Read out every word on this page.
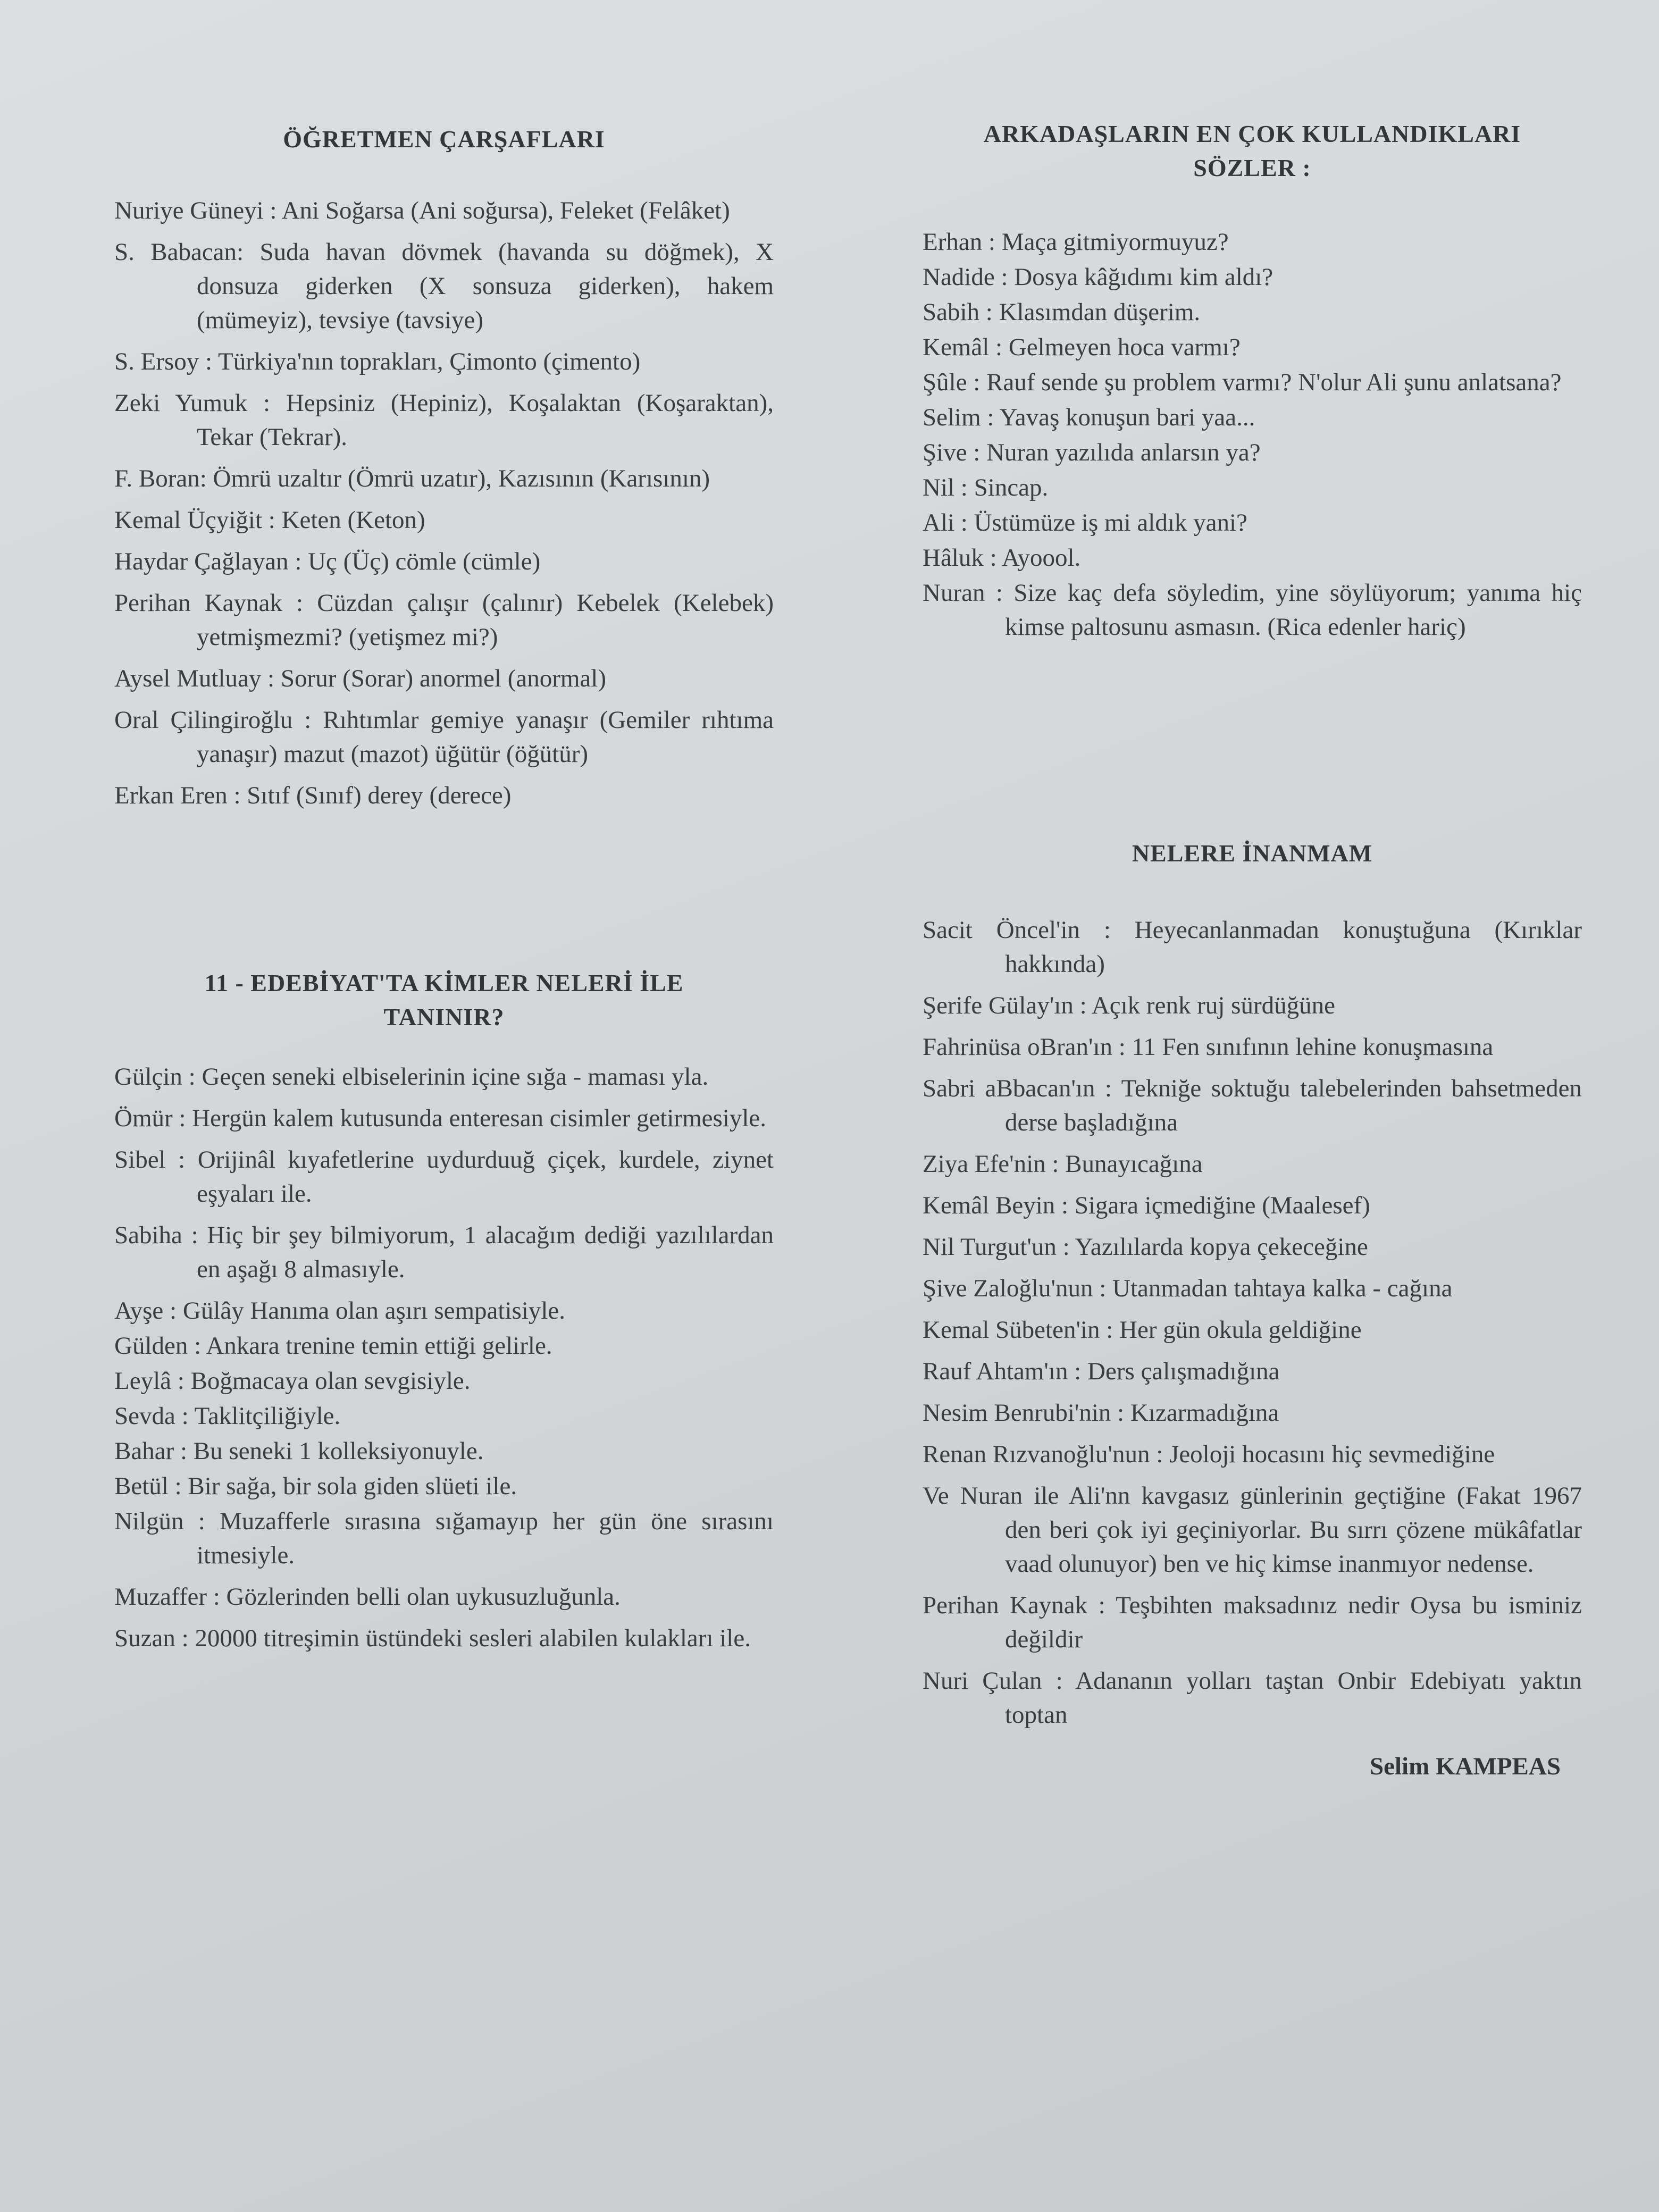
ÖĞRETMEN ÇARŞAFLARI

Nuriye Güneyi : Ani Soğarsa (Ani soğursa), Feleket (Felâket)

S. Babacan: Suda havan dövmek (havanda su döğmek), X donsuza giderken (X sonsuza giderken), hakem (mümeyiz), tevsiye (tavsiye)

S. Ersoy : Türkiya'nın toprakları, Çimonto (çimento)

Zeki Yumuk : Hepsiniz (Hepiniz), Koşalaktan (Koşaraktan), Tekar (Tekrar).

F. Boran: Ömrü uzaltır (Ömrü uzatır), Kazısının (Karısının)

Kemal Üçyiğit : Keten (Keton)

Haydar Çağlayan : Uç (Üç) cömle (cümle)

Perihan Kaynak : Cüzdan çalışır (çalınır) Kebelek (Kelebek) yetmişmezmi? (yetişmez mi?)

Aysel Mutluay : Sorur (Sorar) anormel (anormal)

Oral Çilingiroğlu : Rıhtımlar gemiye yanaşır (Gemiler rıhtıma yanaşır) mazut (mazot) üğütür (öğütür)

Erkan Eren : Sıtıf (Sınıf) derey (derece)

11 - EDEBİYAT'TA KİMLER NELERİ İLE
TANINIR?

Gülçin : Geçen seneki elbiselerinin içine sığa - maması yla.

Ömür : Hergün kalem kutusunda enteresan cisimler getirmesiyle.

Sibel : Orijinâl kıyafetlerine uydurduuğ çiçek, kurdele, ziynet eşyaları ile.

Sabiha : Hiç bir şey bilmiyorum, 1 alacağım dediği yazılılardan en aşağı 8 almasıyle.

Ayşe : Gülây Hanıma olan aşırı sempatisiyle.

Gülden : Ankara trenine temin ettiği gelirle.

Leylâ : Boğmacaya olan sevgisiyle.

Sevda : Taklitçiliğiyle.

Bahar : Bu seneki 1 kolleksiyonuyle.

Betül : Bir sağa, bir sola giden slüeti ile.

Nilgün : Muzafferle sırasına sığamayıp her gün öne sırasını itmesiyle.

Muzaffer : Gözlerinden belli olan uykusuzluğunla.

Suzan : 20000 titreşimin üstündeki sesleri alabilen kulakları ile.

ARKADAŞLARIN EN ÇOK KULLANDIKLARI
SÖZLER :

Erhan : Maça gitmiyormuyuz?

Nadide : Dosya kâğıdımı kim aldı?

Sabih : Klasımdan düşerim.

Kemâl : Gelmeyen hoca varmı?

Şûle : Rauf sende şu problem varmı? N'olur Ali şunu anlatsana?

Selim : Yavaş konuşun bari yaa...

Şive : Nuran yazılıda anlarsın ya?

Nil : Sincap.

Ali : Üstümüze iş mi aldık yani?

Hâluk : Ayoool.

Nuran : Size kaç defa söyledim, yine söylüyorum; yanıma hiç kimse paltosunu asmasın. (Rica edenler hariç)

NELERE İNANMAM

Sacit Öncel'in : Heyecanlanmadan konuştuğuna (Kırıklar hakkında)

Şerife Gülay'ın : Açık renk ruj sürdüğüne

Fahrinüsa oBran'ın : 11 Fen sınıfının lehine konuşmasına

Sabri aBbacan'ın : Tekniğe soktuğu talebelerinden bahsetmeden derse başladığına

Ziya Efe'nin : Bunayıcağına

Kemâl Beyin : Sigara içmediğine (Maalesef)

Nil Turgut'un : Yazılılarda kopya çekeceğine

Şive Zaloğlu'nun : Utanmadan tahtaya kalka - cağına

Kemal Sübeten'in : Her gün okula geldiğine

Rauf Ahtam'ın : Ders çalışmadığına

Nesim Benrubi'nin : Kızarmadığına

Renan Rızvanoğlu'nun : Jeoloji hocasını hiç sevmediğine

Ve Nuran ile Ali'nn kavgasız günlerinin geçtiğine (Fakat 1967 den beri çok iyi geçiniyorlar. Bu sırrı çözene mükâfatlar vaad olunuyor) ben ve hiç kimse inanmıyor nedense.

Perihan Kaynak : Teşbihten maksadınız nedir Oysa bu isminiz değildir

Nuri Çulan : Adananın yolları taştan Onbir Edebiyatı yaktın toptan

Selim KAMPEAS
